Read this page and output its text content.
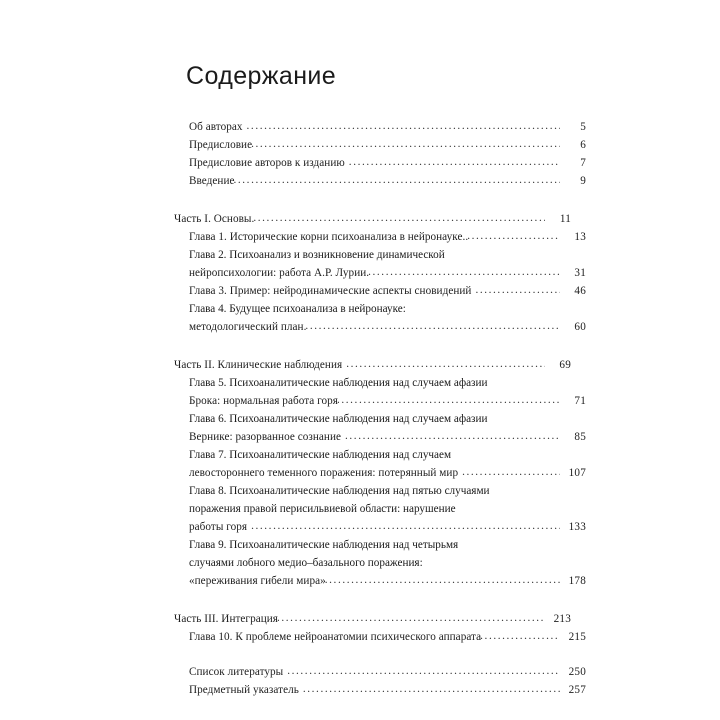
Содержание
Об авторах . . .	5
Предисловие . . .	6
Предисловие авторов к изданию . . .	7
Введение . . .	9
Часть I. Основы. . . .	11
Глава 1. Исторические корни психоанализа в нейронауке.. . . .	13
Глава 2. Психоанализ и возникновение динамической
нейропсихологии: работа А.Р. Лурии. . . .	31
Глава 3. Пример: нейродинамические аспекты сновидений . . .	46
Глава 4. Будущее психоанализа в нейронауке:
методологический план. . . .	60
Часть II. Клинические наблюдения . . .	69
Глава 5. Психоаналитические наблюдения над случаем афазии
Брока: нормальная работа горя . . .	71
Глава 6. Психоаналитические наблюдения над случаем афазии
Вернике: разорванное сознание . . .	85
Глава 7. Психоаналитические наблюдения над случаем
левостороннего теменного поражения: потерянный мир . . .	107
Глава 8. Психоаналитические наблюдения над пятью случаями
поражения правой перисильвиевой области: нарушение
работы горя . . .	133
Глава 9. Психоаналитические наблюдения над четырьмя
случаями лобного медио–базального поражения:
«переживания гибели мира» . . .	178
Часть III. Интеграция . . .	213
Глава 10. К проблеме нейроанатомии психического аппарата . . .	215
Список литературы . . .	250
Предметный указатель . . .	257
